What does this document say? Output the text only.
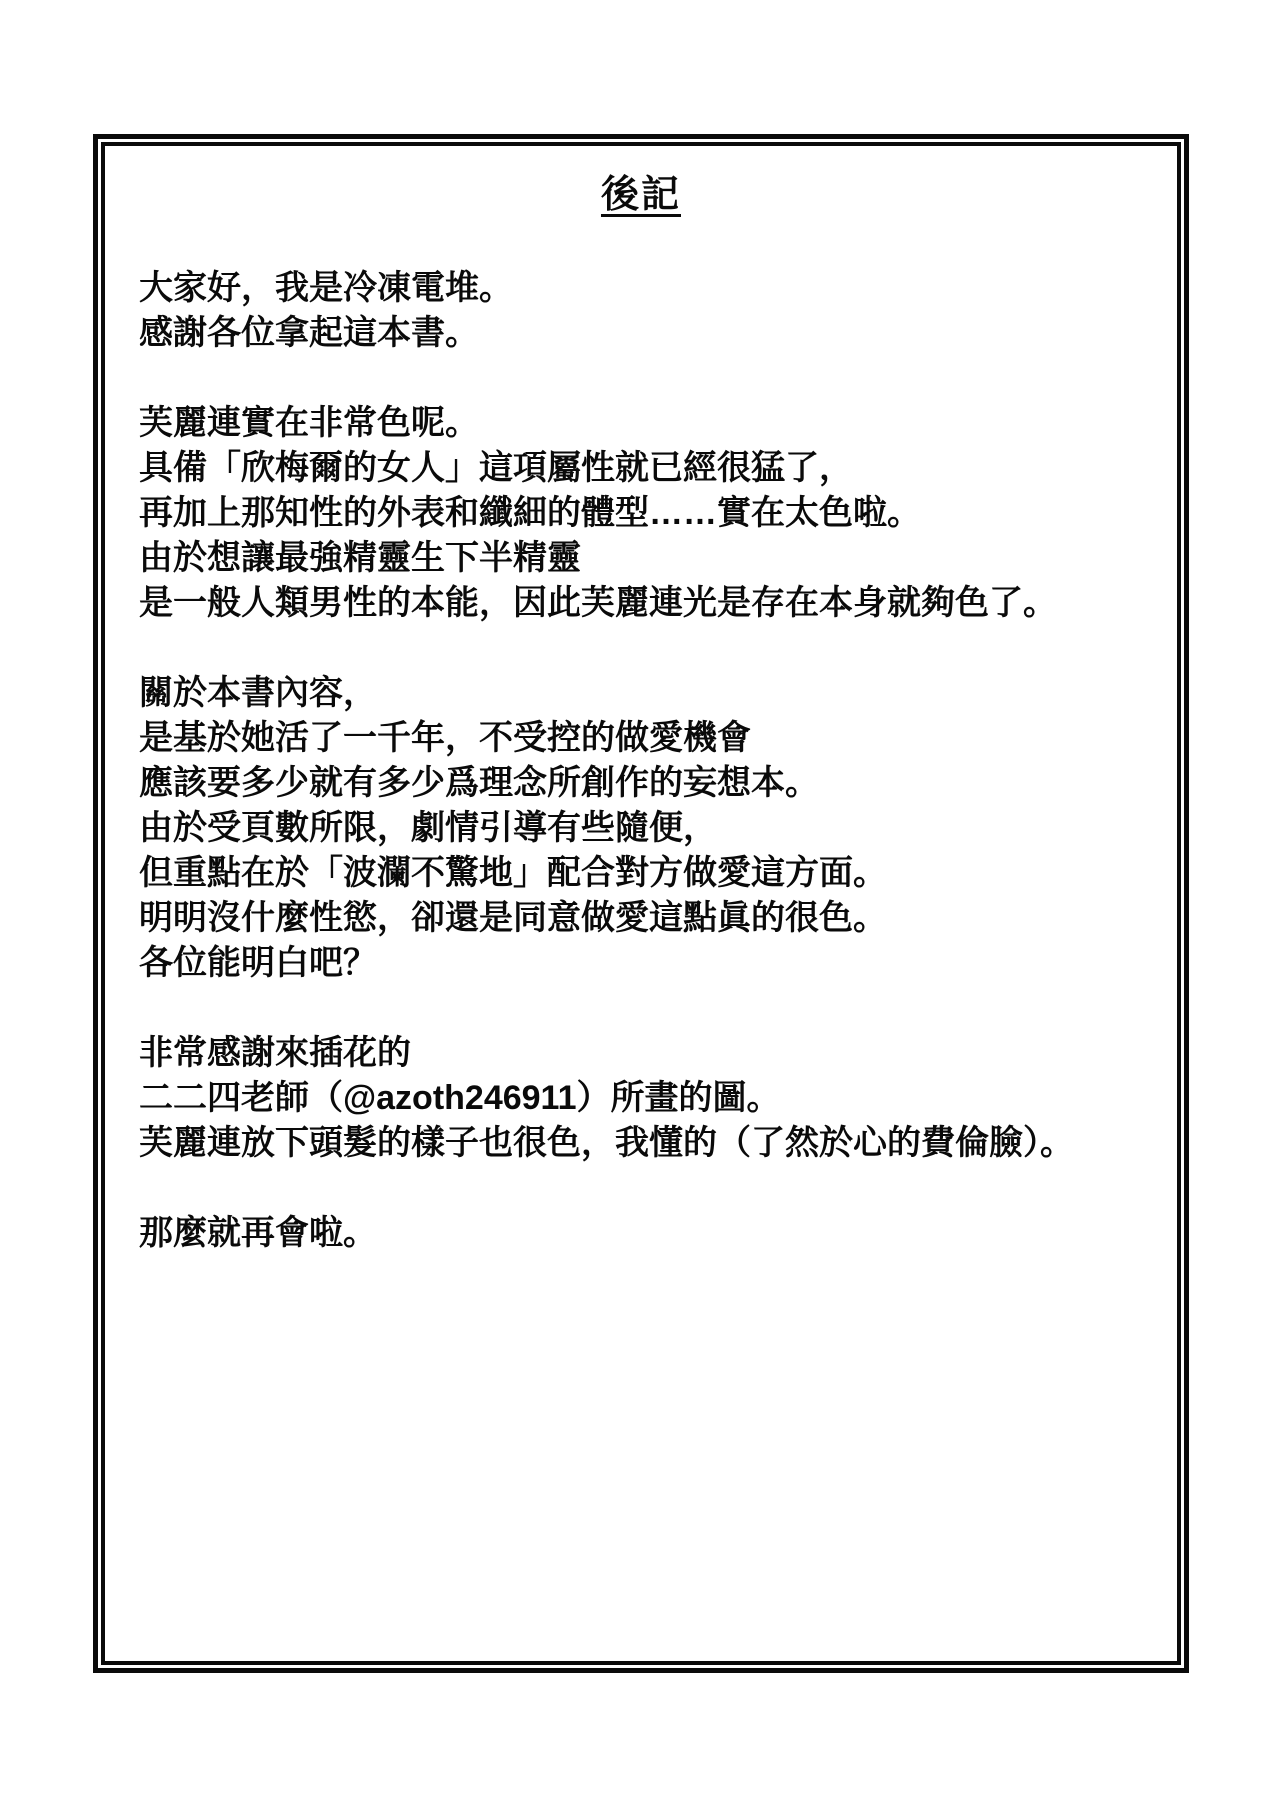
後記
大家好，我是冷凍電堆。
感謝各位拿起這本書。
芙麗連實在非常色呢。
具備「欣梅爾的女人」這項屬性就已經很猛了，
再加上那知性的外表和纖細的體型……實在太色啦。
由於想讓最強精靈生下半精靈
是一般人類男性的本能，因此芙麗連光是存在本身就夠色了。
關於本書內容，
是基於她活了一千年，不受控的做愛機會
應該要多少就有多少爲理念所創作的妄想本。
由於受頁數所限，劇情引導有些隨便，
但重點在於「波瀾不驚地」配合對方做愛這方面。
明明沒什麼性慾，卻還是同意做愛這點眞的很色。
各位能明白吧？
非常感謝來插花的
二二四老師（@azoth246911）所畫的圖。
芙麗連放下頭髮的樣子也很色，我懂的（了然於心的費倫臉）。
那麼就再會啦。
